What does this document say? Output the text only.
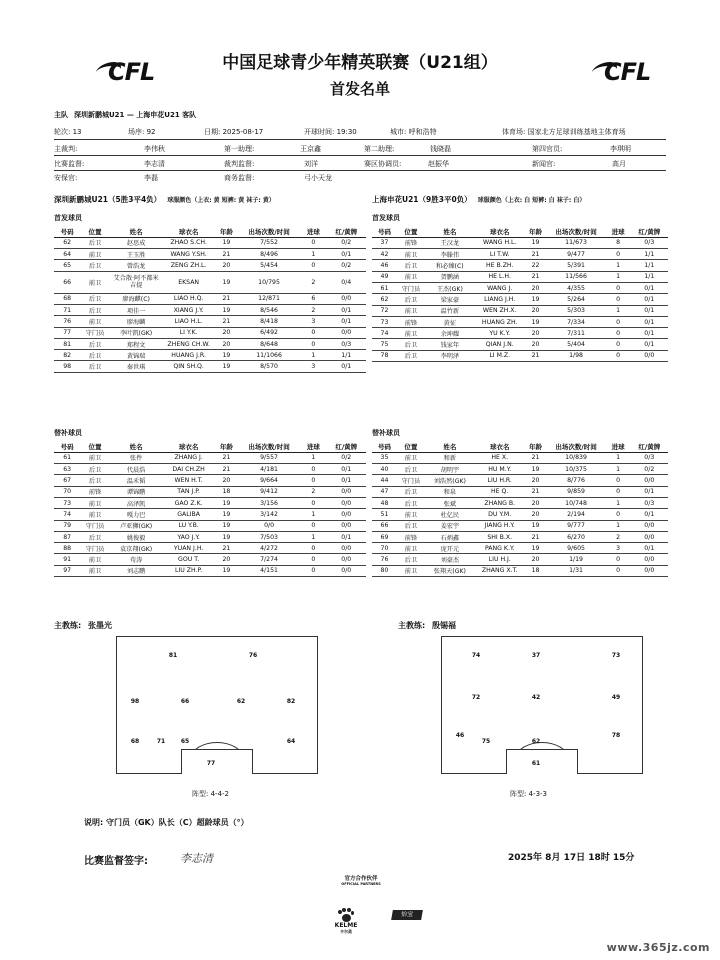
CFL	CFL
中国足球青少年精英联赛（U21组）
首发名单
主队 深圳新鹏城U21 — 上海申花U21 客队
轮次: 13	场序: 92	日期: 2025-08-17	开球时间: 19:30	城市: 呼和浩特	体育场: 国家北方足球训练基地主体育场
主裁判:	李伟秋	第一助理:	王京鑫	第二助理:	钱晓磊	第四官员:	李琪明
比赛监督:	李志清	裁判监督:	刘洋	赛区协调员:	赵振华	新闻官:	高月
安保官:	李磊	商务监督:	弓小天龙
深圳新鹏城U21（5胜3平4负） 球服颜色（上衣: 黄 短裤: 黄 袜子: 黄）	上海申花U21（9胜3平0负） 球服颜色（上衣: 白 短裤: 白 袜子: 白）
首发球员	首发球员
号码	位置	姓名	球衣名	年龄	出场次数/时间	进球	红/黄牌
62	后卫	赵思成	ZHAO S.CH.	19	7/552	0	0/2
64	前卫	王玉胜	WANG Y.SH.	21	8/496	1	0/1
65	后卫	曾浩龙	ZENG ZH.L.	20	5/454	0	0/2
66	前卫	艾合散·阿不都米吉提	EKSAN	19	10/795	2	0/4
68	后卫	廖海麒(C)	LIAO H.Q.	21	12/871	6	0/0
71	后卫	项佳一	XIANG J.Y.	19	8/546	2	0/1
76	前卫	廖海麟	LIAO H.L.	21	8/418	3	0/1
77	守门员	李叶凯(GK)	LI Y.K.	20	6/492	0	0/0
81	后卫	郑程文	ZHENG CH.W.	20	8/648	0	0/3
82	后卫	黄锦瑞	HUANG J.R.	19	11/1066	1	1/1
98	后卫	秦世琪	QIN SH.Q.	19	8/570	3	0/1
号码	位置	姓名	球衣名	年龄	出场次数/时间	进球	红/黄牌
37	前锋	王汉龙	WANG H.L.	19	11/673	8	0/3
42	前卫	李滕伟	LI T.W.	21	9/477	0	1/1
46	后卫	和必臻(C)	HE B.ZH.	22	5/391	1	1/1
49	前卫	贺鹏涵	HE L.H.	21	11/566	1	1/1
61	守门员	王杰(GK)	WANG J.	20	4/355	0	0/1
62	后卫	梁家豪	LIANG J.H.	19	5/264	0	0/1
72	前卫	温竹新	WEN ZH.X.	20	5/303	1	0/1
73	前锋	黄征	HUANG ZH.	19	7/334	0	0/1
74	前卫	余坤耀	YU K.Y.	20	7/311	0	0/1
75	后卫	钱家年	QIAN J.N.	20	5/404	0	0/1
78	后卫	李明泽	LI M.Z.	21	1/98	0	0/0
替补球员	替补球员
号码	位置	姓名	球衣名	年龄	出场次数/时间	进球	红/黄牌
61	前卫	张件	ZHANG J.	21	9/557	1	0/2
63	后卫	代晨浩	DAI CH.ZH	21	4/181	0	0/1
67	后卫	温禾韬	WEN H.T.	20	9/664	0	0/1
70	前锋	谭锦鹏	TAN J.P.	18	9/412	2	0/0
73	前卫	高泽凯	GAO Z.K.	19	3/156	0	0/0
74	前卫	嘎力巴	GALIBA	19	3/142	1	0/0
79	守门员	卢亚狮(GK)	LU Y.B.	19	0/0	0	0/0
87	后卫	姚俊毅	YAO J.Y.	19	7/503	1	0/1
88	守门员	袁京翔(GK)	YUAN J.H.	21	4/272	0	0/0
91	前卫	苟涛	GOU T.	20	7/274	0	0/0
97	前卫	刘志鹏	LIU ZH.P.	19	4/151	0	0/0
号码	位置	姓名	球衣名	年龄	出场次数/时间	进球	红/黄牌
35	前卫	和新	HE X.	21	10/839	1	0/3
40	后卫	胡明宇	HU M.Y.	19	10/375	1	0/2
44	守门员	刘浩然(GK)	LIU H.R.	20	8/776	0	0/0
47	后卫	和泉	HE Q.	21	9/859	0	0/1
48	后卫	张斌	ZHANG B.	20	10/748	1	0/3
51	前卫	杜亿民	DU Y.M.	20	2/194	0	0/1
66	后卫	姜宏宇	JIANG H.Y.	19	9/777	1	0/0
69	前锋	石炳鑫	SHI B.X.	21	6/270	2	0/0
70	前卫	庞开元	PANG K.Y.	19	9/605	3	0/1
76	后卫	刘豪杰	LIU H.J.	20	1/19	0	0/0
80	前卫	张翔天(GK)	ZHANG X.T.	18	1/31	0	0/0
主教练: 张墨光	主教练: 殷锡福
81	76
98	66	62	82
68	71	65	64
77
阵型: 4-4-2
74	37	73
72	42	49
46
75	62
78
61
阵型: 4-3-3
说明: 守门员（GK）队长（C）超龄球员（°）
比赛监督签字:	李志清	2025年 8月 17日 18时 15分
官方合作伙伴
OFFICIAL PARTNERS
KELME
卡尔美
怡宝
www.365jz.com
